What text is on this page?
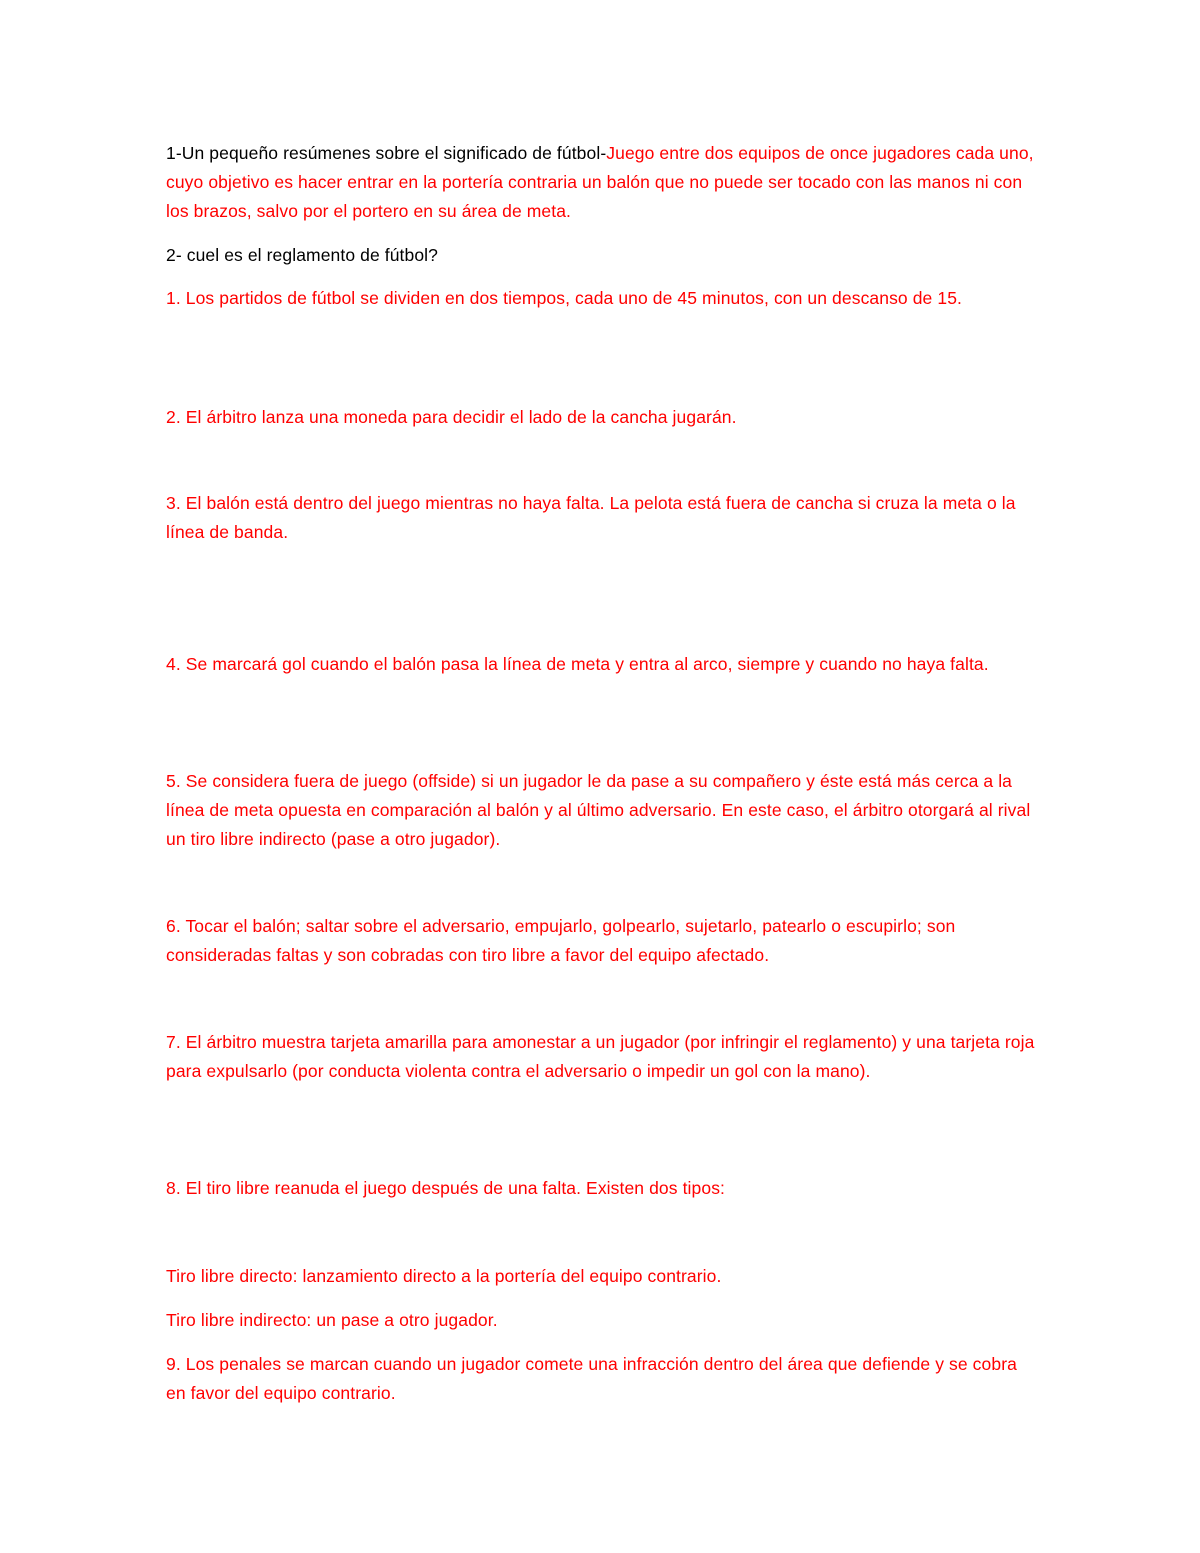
1-Un pequeño resúmenes sobre el significado de fútbol-Juego entre dos equipos de once jugadores cada uno, cuyo objetivo es hacer entrar en la portería contraria un balón que no puede ser tocado con las manos ni con los brazos, salvo por el portero en su área de meta.

2- cuel es el reglamento de fútbol?

1. Los partidos de fútbol se dividen en dos tiempos, cada uno de 45 minutos, con un descanso de 15.

2. El árbitro lanza una moneda para decidir el lado de la cancha jugarán.

3. El balón está dentro del juego mientras no haya falta. La pelota está fuera de cancha si cruza la meta o la línea de banda.

4. Se marcará gol cuando el balón pasa la línea de meta y entra al arco, siempre y cuando no haya falta.

5. Se considera fuera de juego (offside) si un jugador le da pase a su compañero y éste está más cerca a la línea de meta opuesta en comparación al balón y al último adversario. En este caso, el árbitro otorgará al rival un tiro libre indirecto (pase a otro jugador).

6. Tocar el balón; saltar sobre el adversario, empujarlo, golpearlo, sujetarlo, patearlo o escupirlo; son consideradas faltas y son cobradas con tiro libre a favor del equipo afectado.

7. El árbitro muestra tarjeta amarilla para amonestar a un jugador (por infringir el reglamento) y una tarjeta roja para expulsarlo (por conducta violenta contra el adversario o impedir un gol con la mano).

8. El tiro libre reanuda el juego después de una falta. Existen dos tipos:

Tiro libre directo: lanzamiento directo a la portería del equipo contrario.

Tiro libre indirecto: un pase a otro jugador.

9. Los penales se marcan cuando un jugador comete una infracción dentro del área que defiende y se cobra en favor del equipo contrario.
